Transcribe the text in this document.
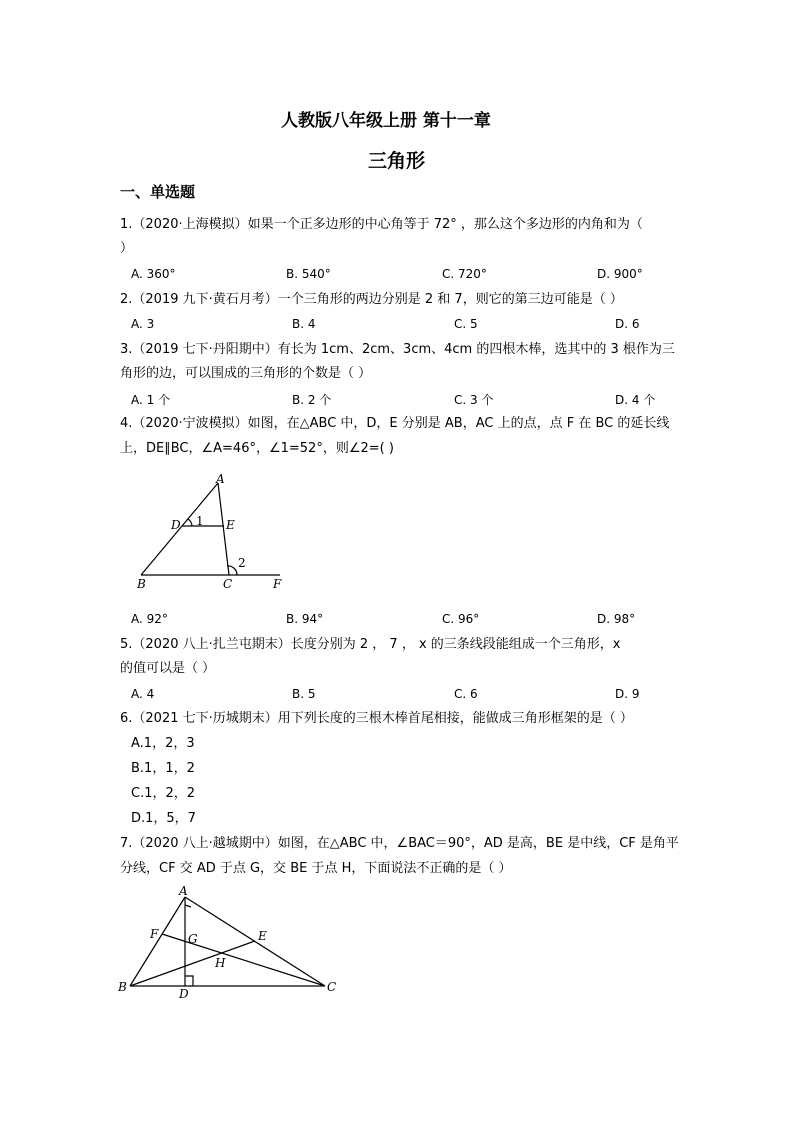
人教版八年级上册 第十一章
三角形
一、单选题
1.（2020·上海模拟）如果一个正多边形的中心角等于 72° ，那么这个多边形的内角和为（
）
A. 360°	B. 540°	C. 720°	D. 900°
2.（2019 九下·黄石月考）一个三角形的两边分别是 2 和 7，则它的第三边可能是（ ）
A. 3	B. 4	C. 5	D. 6
3.（2019 七下·丹阳期中）有长为 1cm、2cm、3cm、4cm 的四根木棒，选其中的 3 根作为三
角形的边，可以围成的三角形的个数是（ ）
A. 1 个	B. 2 个	C. 3 个	D. 4 个
4.（2020·宁波模拟）如图，在△ABC 中，D，E 分别是 AB，AC 上的点，点 F 在 BC 的延长线
上，DE∥BC，∠A=46°，∠1=52°，则∠2=( )
A
D 1 E
B	C
2
F
A. 92°	B. 94°	C. 96°	D. 98°
5.（2020 八上·扎兰屯期末）长度分别为 2 ， 7 ， x 的三条线段能组成一个三角形，x
的值可以是（ ）
A. 4	B. 5	C. 6	D. 9
6.（2021 七下·历城期末）用下列长度的三根木棒首尾相接，能做成三角形框架的是（ ）
A.1，2，3
B.1，1，2
C.1，2，2
D.1，5，7
7.（2020 八上·越城期中）如图，在△ABC 中，∠BAC＝90°，AD 是高，BE 是中线，CF 是角平
分线，CF 交 AD 于点 G，交 BE 于点 H，下面说法不正确的是（ ）
A
F G	E
H
B	D	C
